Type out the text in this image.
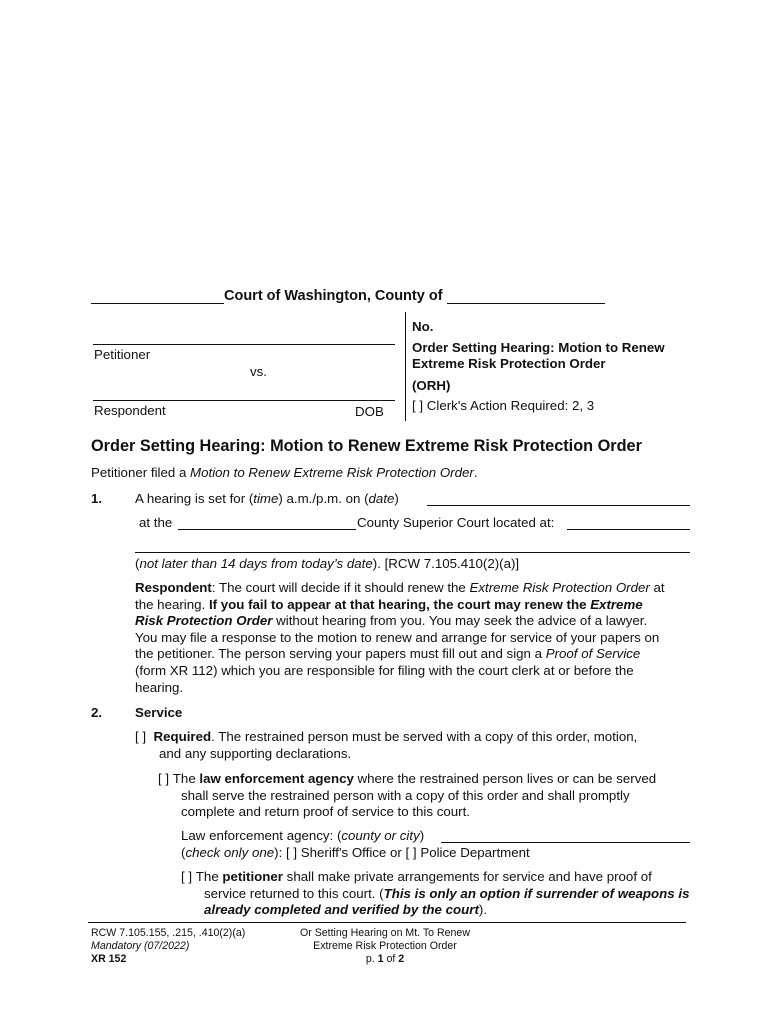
Court of Washington, County of
Petitioner
vs.
Respondent	DOB
No.
Order Setting Hearing: Motion to Renew
Extreme Risk Protection Order
(ORH)
[ ] Clerk's Action Required: 2, 3
Order Setting Hearing: Motion to Renew Extreme Risk Protection Order
Petitioner filed a Motion to Renew Extreme Risk Protection Order.
1. A hearing is set for (time) a.m./p.m. on (date)
at the	County Superior Court located at:
(not later than 14 days from today’s date). [RCW 7.105.410(2)(a)]
Respondent: The court will decide if it should renew the Extreme Risk Protection Order at
the hearing. If you fail to appear at that hearing, the court may renew the Extreme
Risk Protection Order without hearing from you. You may seek the advice of a lawyer.
You may file a response to the motion to renew and arrange for service of your papers on
the petitioner. The person serving your papers must fill out and sign a Proof of Service
(form XR 112) which you are responsible for filing with the court clerk at or before the
hearing.
2. Service
[ ] Required. The restrained person must be served with a copy of this order, motion,
and any supporting declarations.
[ ] The law enforcement agency where the restrained person lives or can be served
shall serve the restrained person with a copy of this order and shall promptly
complete and return proof of service to this court.
Law enforcement agency: (county or city)
(check only one): [ ] Sheriff's Office or [ ] Police Department
[ ] The petitioner shall make private arrangements for service and have proof of
service returned to this court. (This is only an option if surrender of weapons is
already completed and verified by the court).
RCW 7.105.155, .215, .410(2)(a)
Mandatory (07/2022)
XR 152
Or Setting Hearing on Mt. To Renew
Extreme Risk Protection Order
p. 1 of 2
